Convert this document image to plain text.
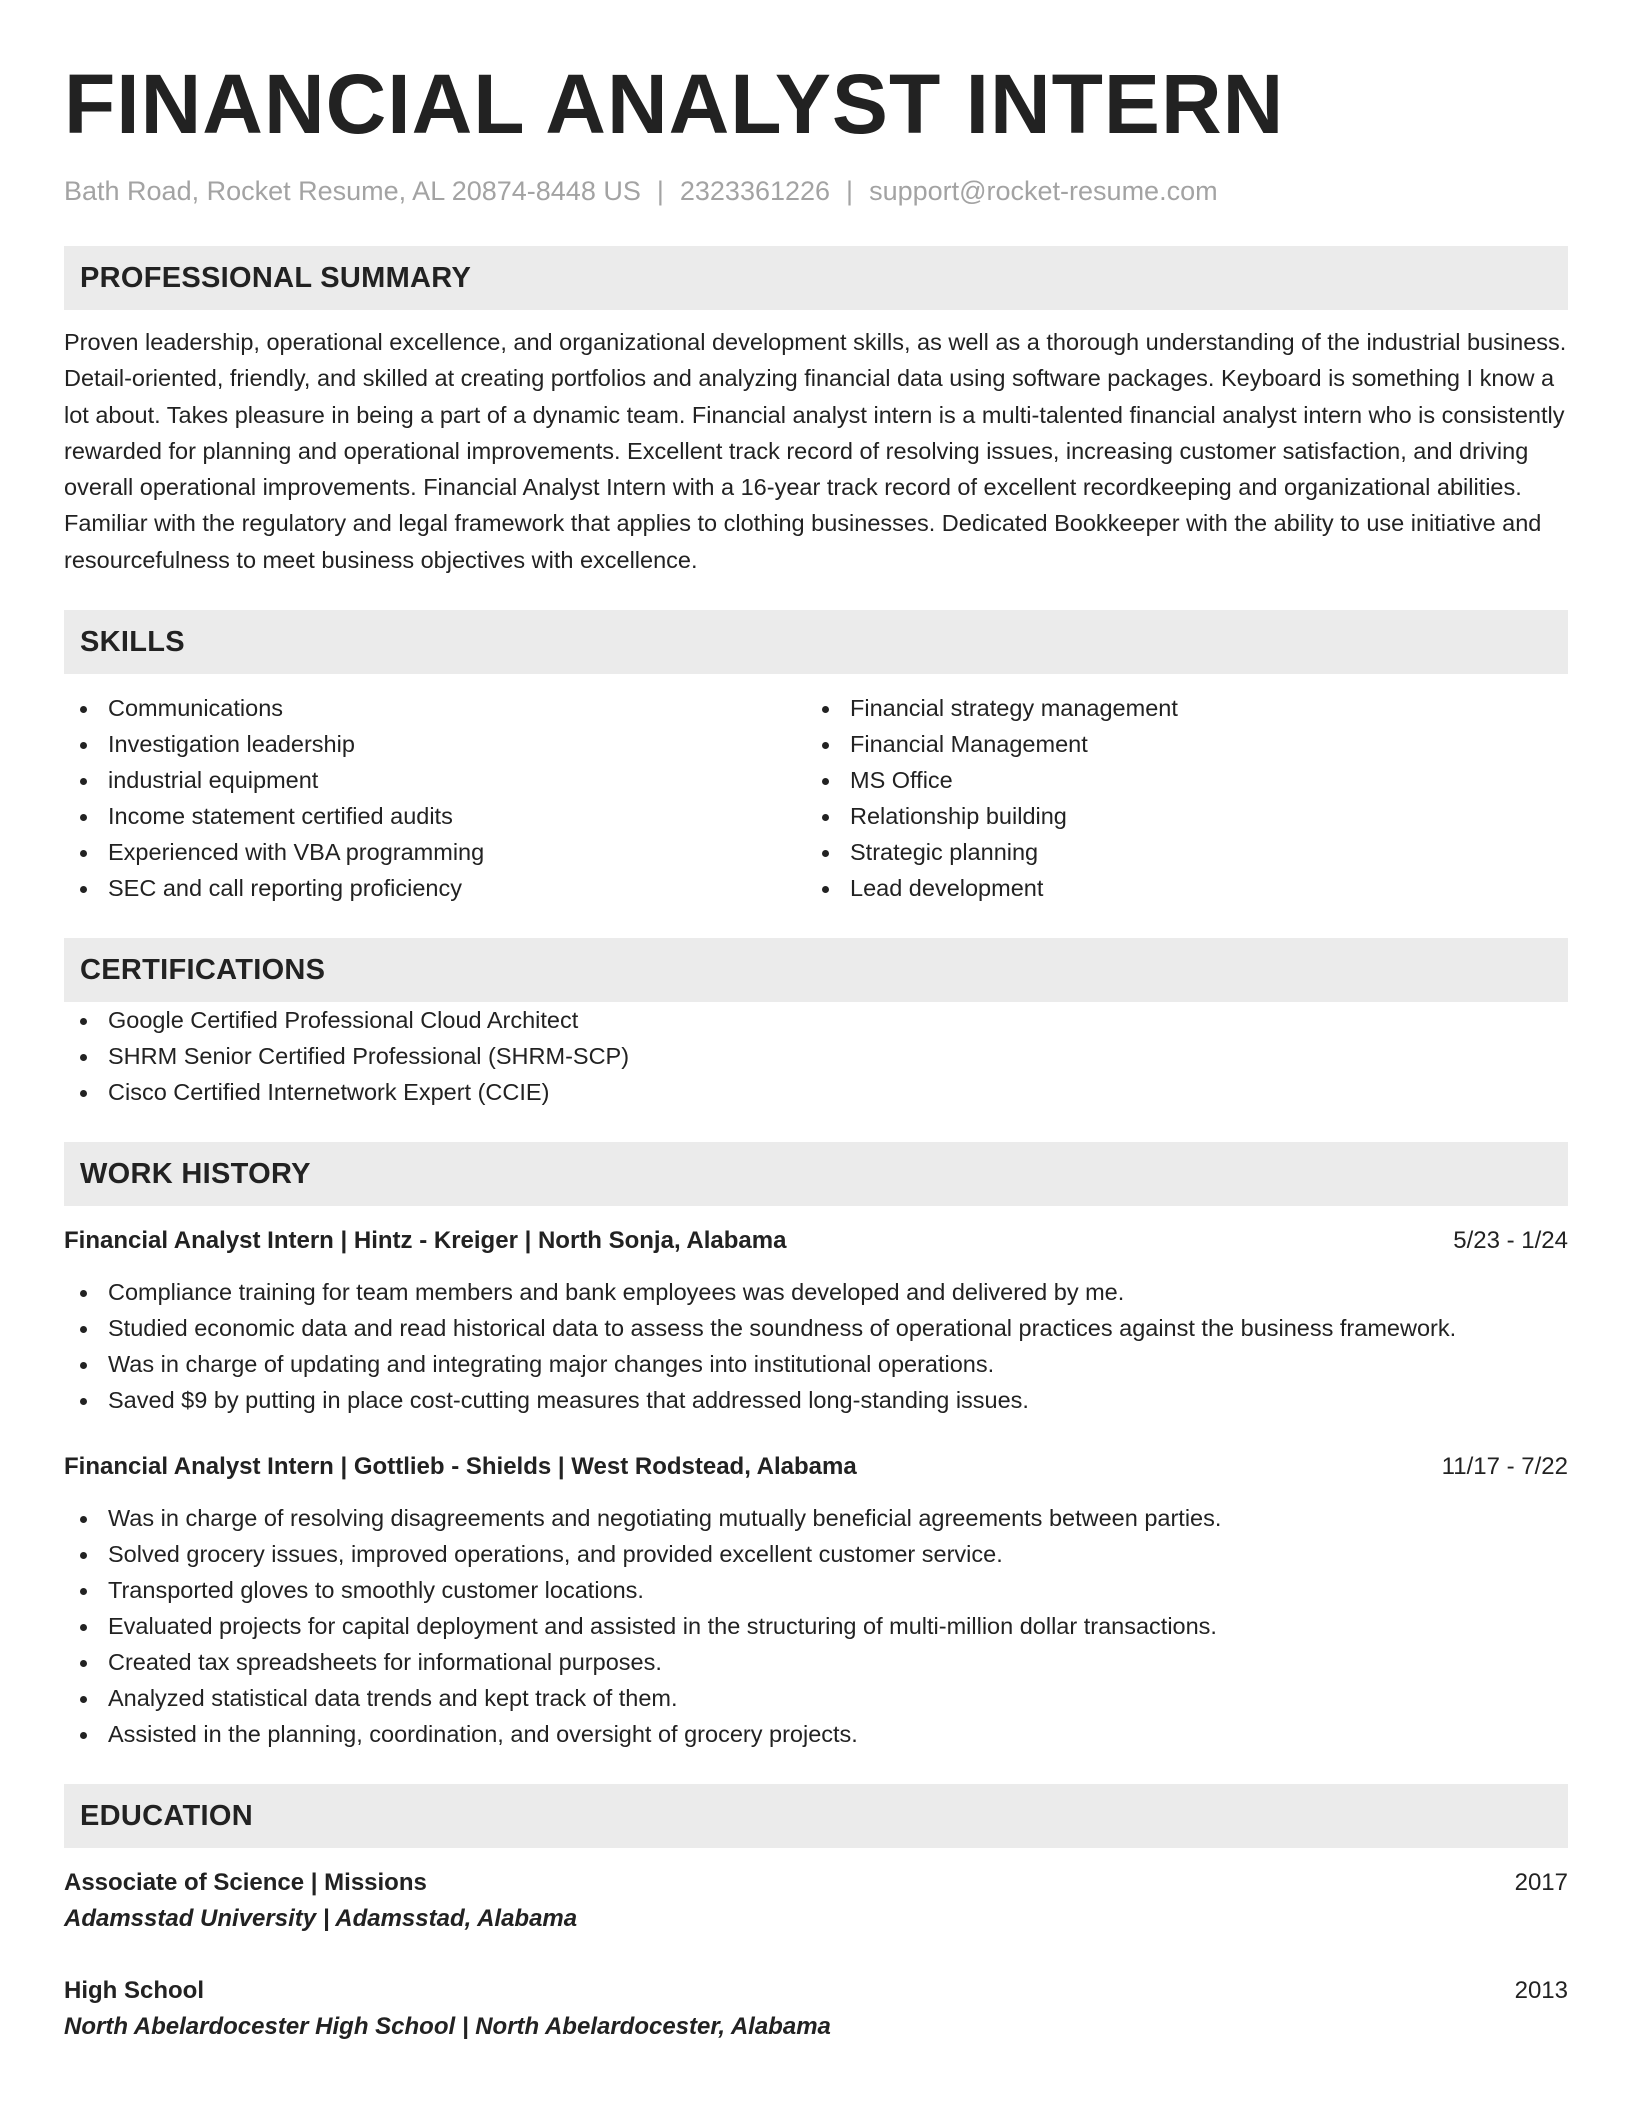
FINANCIAL ANALYST INTERN
Bath Road, Rocket Resume, AL 20874-8448 US | 2323361226 | support@rocket-resume.com
PROFESSIONAL SUMMARY
Proven leadership, operational excellence, and organizational development skills, as well as a thorough understanding of the industrial business. Detail-oriented, friendly, and skilled at creating portfolios and analyzing financial data using software packages. Keyboard is something I know a lot about. Takes pleasure in being a part of a dynamic team. Financial analyst intern is a multi-talented financial analyst intern who is consistently rewarded for planning and operational improvements. Excellent track record of resolving issues, increasing customer satisfaction, and driving overall operational improvements. Financial Analyst Intern with a 16-year track record of excellent recordkeeping and organizational abilities. Familiar with the regulatory and legal framework that applies to clothing businesses. Dedicated Bookkeeper with the ability to use initiative and resourcefulness to meet business objectives with excellence.
SKILLS
Communications
Investigation leadership
industrial equipment
Income statement certified audits
Experienced with VBA programming
SEC and call reporting proficiency
Financial strategy management
Financial Management
MS Office
Relationship building
Strategic planning
Lead development
CERTIFICATIONS
Google Certified Professional Cloud Architect
SHRM Senior Certified Professional (SHRM-SCP)
Cisco Certified Internetwork Expert (CCIE)
WORK HISTORY
Financial Analyst Intern | Hintz - Kreiger | North Sonja, Alabama	5/23 - 1/24
Compliance training for team members and bank employees was developed and delivered by me.
Studied economic data and read historical data to assess the soundness of operational practices against the business framework.
Was in charge of updating and integrating major changes into institutional operations.
Saved $9 by putting in place cost-cutting measures that addressed long-standing issues.
Financial Analyst Intern | Gottlieb - Shields | West Rodstead, Alabama	11/17 - 7/22
Was in charge of resolving disagreements and negotiating mutually beneficial agreements between parties.
Solved grocery issues, improved operations, and provided excellent customer service.
Transported gloves to smoothly customer locations.
Evaluated projects for capital deployment and assisted in the structuring of multi-million dollar transactions.
Created tax spreadsheets for informational purposes.
Analyzed statistical data trends and kept track of them.
Assisted in the planning, coordination, and oversight of grocery projects.
EDUCATION
Associate of Science | Missions	2017
Adamsstad University | Adamsstad, Alabama
High School	2013
North Abelardocester High School | North Abelardocester, Alabama
